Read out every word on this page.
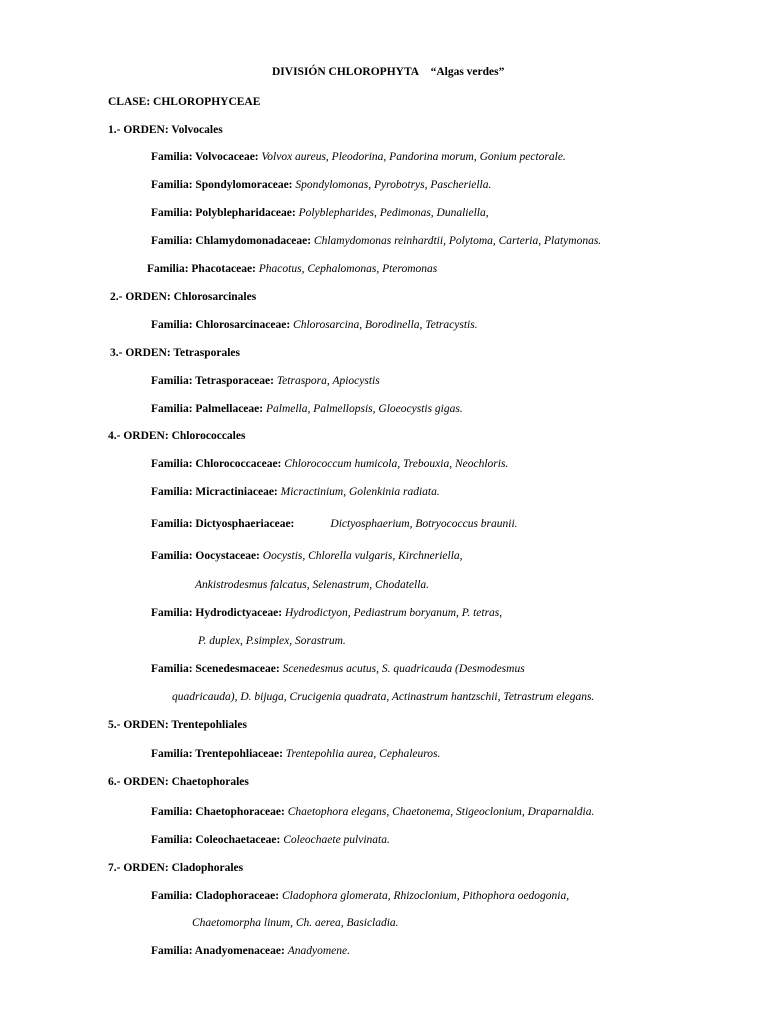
DIVISIÓN CHLOROPHYTA “Algas verdes”
CLASE: CHLOROPHYCEAE
1.- ORDEN: Volvocales
Familia: Volvocaceae: Volvox aureus, Pleodorina, Pandorina morum, Gonium pectorale.
Familia: Spondylomoraceae: Spondylomonas, Pyrobotrys, Pascheriella.
Familia: Polyblepharidaceae: Polyblepharides, Pedimonas, Dunaliella,
Familia: Chlamydomonadaceae: Chlamydomonas reinhardtii, Polytoma, Carteria, Platymonas.
Familia: Phacotaceae: Phacotus, Cephalomonas, Pteromonas
2.- ORDEN: Chlorosarcinales
Familia: Chlorosarcinaceae: Chlorosarcina, Borodinella, Tetracystis.
3.- ORDEN: Tetrasporales
Familia: Tetrasporaceae: Tetraspora, Apiocystis
Familia: Palmellaceae: Palmella, Palmellopsis, Gloeocystis gigas.
4.- ORDEN: Chlorococcales
Familia: Chlorococcaceae: Chlorococcum humicola, Trebouxia, Neochloris.
Familia: Micractiniaceae: Micractinium, Golenkinia radiata.
Familia: Dictyosphaeriaceae:	Dictyosphaerium, Botryococcus braunii.
Familia: Oocystaceae: Oocystis, Chlorella vulgaris, Kirchneriella,
Ankistrodesmus falcatus, Selenastrum, Chodatella.
Familia: Hydrodictyaceae: Hydrodictyon, Pediastrum boryanum, P. tetras,
P. duplex, P.simplex, Sorastrum.
Familia: Scenedesmaceae: Scenedesmus acutus, S. quadricauda (Desmodesmus
quadricauda), D. bijuga, Crucigenia quadrata, Actinastrum hantzschii, Tetrastrum elegans.
5.- ORDEN: Trentepohliales
Familia: Trentepohliaceae: Trentepohlia aurea, Cephaleuros.
6.- ORDEN: Chaetophorales
Familia: Chaetophoraceae: Chaetophora elegans, Chaetonema, Stigeoclonium, Draparnaldia.
Familia: Coleochaetaceae: Coleochaete pulvinata.
7.- ORDEN: Cladophorales
Familia: Cladophoraceae: Cladophora glomerata, Rhizoclonium, Pithophora oedogonia,
Chaetomorpha linum, Ch. aerea, Basicladia.
Familia: Anadyomenaceae: Anadyomene.
